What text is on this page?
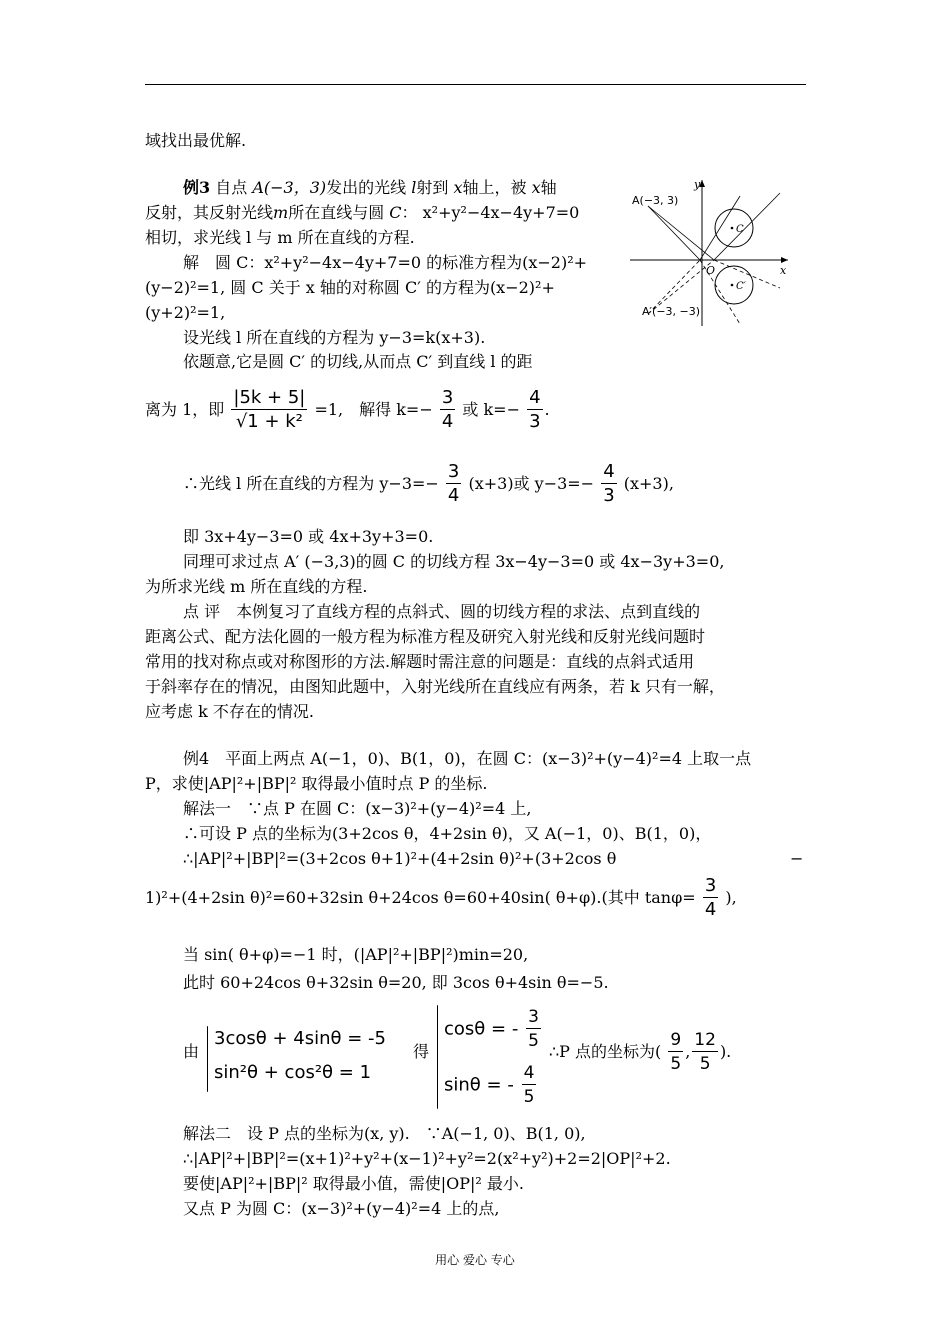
域找出最优解.
例3 自点 A(−3，3)发出的光线 l射到 x轴上，被 x轴
反射，其反射光线m所在直线与圆 C： x²+y²−4x−4y+7=0
相切，求光线 l 与 m 所在直线的方程.
解　圆 C：x²+y²−4x−4y+7=0 的标准方程为(x−2)²+
(y−2)²=1, 圆 C 关于 x 轴的对称圆 C′ 的方程为(x−2)²+
(y+2)²=1,
设光线 l 所在直线的方程为 y−3=k(x+3).
依题意,它是圆 C′ 的切线,从而点 C′ 到直线 l 的距
离为 1，即 $\frac{|5k + 5|}{\text{√1 + k²}} =1$,　解得 $k=- \frac{3}{4}$ 或 $k=- \frac{4}{3}$ .
∴光线 l 所在直线的方程为 $y-3=- \frac{3}{4} (x+3)$或 $y-3=- \frac{4}{3} (x+3)$,
即 3x+4y−3=0 或 4x+3y+3=0.
同理可求过点 A′ (−3,3)的圆 C 的切线方程 3x−4y−3=0 或 4x−3y+3=0,
为所求光线 m 所在直线的方程.
点 评　本例复习了直线方程的点斜式、圆的切线方程的求法、点到直线的
距离公式、配方法化圆的一般方程为标准方程及研究入射光线和反射光线问题时
常用的找对称点或对称图形的方法.解题时需注意的问题是：直线的点斜式适用
于斜率存在的情况，由图知此题中，入射光线所在直线应有两条，若 k 只有一解，
应考虑 k 不存在的情况.
A(−3, 3)
A′(−3, −3)
y
x
O
C
C′
例4　平面上两点 A(−1，0)、B(1，0)，在圆 C：(x−3)²+(y−4)²=4 上取一点
P，求使|AP|²+|BP|² 取得最小值时点 P 的坐标.
解法一　∵点 P 在圆 C：(x−3)²+(y−4)²=4 上,
∴可设 P 点的坐标为(3+2cos θ，4+2sin θ)，又 A(−1，0)、B(1，0)，
∴|AP|²+|BP|²=(3+2cos θ+1)²+(4+2sin θ)²+(3+2cos θ	−
1)²+(4+2sin θ)²=60+32sin θ+24cos θ=60+40sin( θ+φ).(其中 $\tan\varphi= \frac{3}{4}$ ),
当 sin( θ+φ)=−1 时，(|AP|²+|BP|²)min=20,
此时 60+24cos θ+32sin θ=20, 即 3cos θ+4sin θ=−5.
由
3cosθ + 4sinθ = -5
sin²θ + cos²θ = 1
得
cosθ = - $\frac{3}{5}$
sinθ = - $\frac{4}{5}$
∴P 点的坐标为( $\frac{9}{5}$ , $\frac{12}{5}$ ).
解法二　设 P 点的坐标为(x, y).　∵A(−1, 0)、B(1, 0),
∴|AP|²+|BP|²=(x+1)²+y²+(x−1)²+y²=2(x²+y²)+2=2|OP|²+2.
要使|AP|²+|BP|² 取得最小值，需使|OP|² 最小.
又点 P 为圆 C：(x−3)²+(y−4)²=4 上的点,
用心 爱心 专心
